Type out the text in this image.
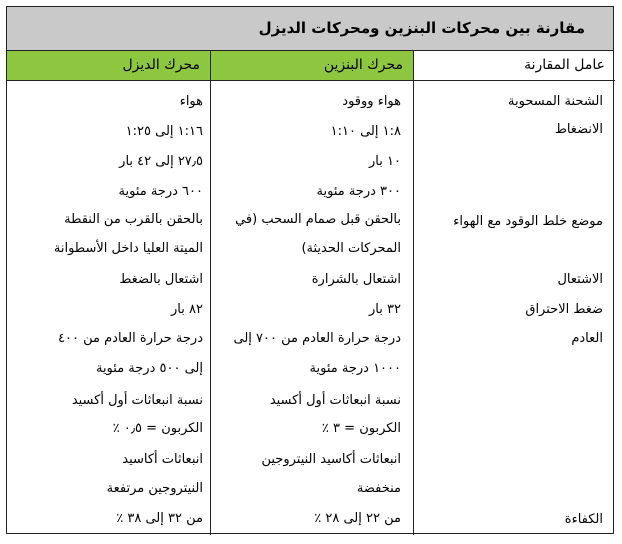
مقارنة بين محركات البنزين ومحركات الديزل
عامل المقارنة
محرك البنزين
محرك الديزل
الشحنة المسحوبة
الانضغاط
موضع خلط الوقود مع الهواء
الاشتعال
ضغط الاحتراق
العادم
الكفاءة
هواء ووقود
١:٨ إلى ١:١٠
١٠ بار
٣٠٠ درجة مئوية
بالحقن قبل صمام السحب (في
المحركات الحديثة)
اشتعال بالشرارة
٣٢ بار
درجة حرارة العادم من ٧٠٠ إلى
١٠٠٠ درجة مئوية
نسبة انبعاثات أول أكسيد
الكربون = ٣ ٪
انبعاثات أكاسيد النيتروجين
منخفضة
من ٢٢ إلى ٢٨ ٪
هواء
١:١٦ إلى ١:٢٥
٢٧٫٥ إلى ٤٢ بار
٦٠٠ درجة مئوية
بالحقن بالقرب من النقطة
الميتة العليا داخل الأسطوانة
اشتعال بالضغط
٨٢ بار
درجة حرارة العادم من ٤٠٠
إلى ٥٠٠ درجة مئوية
نسبة انبعاثات أول أكسيد
الكربون = ٠٫٥ ٪
انبعاثات أكاسيد
النيتروجين مرتفعة
من ٣٢ إلى ٣٨ ٪
